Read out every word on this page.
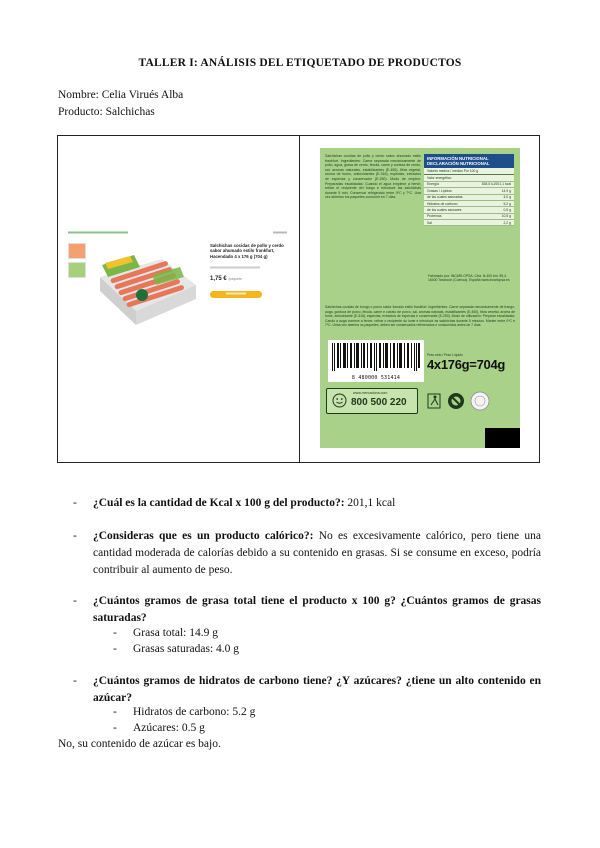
TALLER I: ANÁLISIS DEL ETIQUETADO DE PRODUCTOS
Nombre: Celia Virués Alba
Producto: Salchichas
Salchichas cocidas de pollo y cerdo sabor ahumado estilo frankfurt, Hacendado 4 x 176 g (704 g)
1,75 € /paquete
Salchichas cocidas de pollo y cerdo sabor ahumado estilo frankfurt. Ingredientes: Carne separada mecánicamente de pollo, agua, grasa de cerdo, fécula, carne y corteza de cerdo, sal, aromas naturales, estabilizantes (E-450), fibra vegetal, aroma de humo, antioxidantes (E-316), especias, extractos de especias y conservador (E-250). Modo de empleo: Preparadas escaldadas: Cuando el agua empiece a hervir, retirar el recipiente del fuego e introducir las salchichas durante 5 min. Conservar refrigerado entre 0ºC y 7ºC. Una vez abiertos los paquetes consumir en 7 días.
INFORMACIÓN NUTRICIONAL
DECLARACIÓN NUTRICIONAL
Valores medios / medios Por 100 g
Valor energético
Energía	835,5 kJ/201,1 kcal
Grasas / Lípidos	14,9 g
de las cuales saturadas	4,0 g
Hidratos de carbono	5,2 g
de los cuales azúcares	0,5 g
Proteínas	10,5 g
Sal	2,2 g
Fabricado por: INCARLOPSA. Ctra. N-400 km. 95,4 16400 Tarancón (Cuenca). España www.incarlopsa.es
Salchichas cocidas de trongo o porco sabor fumado estilo frankfurt. Ingredientes: Carne separada mecanicamente de frango, auga, gordura de porco, fécula, carne e coirato de porco, sal, aromas naturais, estabilizantes (E-450), fibra vexetal, aroma de fume, antioxidante (E-316), especias, extractos de especias e conservante (E-250). Modo de utilización: Preparar escaldadas: Cando a auga comece a ferver, retirar o recipiente do lume e introducir as salchichas durante 5 minutos. Manter entre 0ºC e 7ºC. Unha vez abertos os paquetes, deben ser conservados refrixerados e consumidos antes de 7 días.
8 480000 531414
Peso neto / Peso Líquido
4x176g=704g
www.mercadona.com
800 500 220
- ¿Cuál es la cantidad de Kcal x 100 g del producto?: 201,1 kcal
- ¿Consideras que es un producto calórico?: No es excesivamente calórico, pero tiene una cantidad moderada de calorías debido a su contenido en grasas. Si se consume en exceso, podría contribuir al aumento de peso.
- ¿Cuántos gramos de grasa total tiene el producto x 100 g? ¿Cuántos gramos de grasas saturadas?
- Grasa total: 14.9 g
- Grasas saturadas: 4.0 g
- ¿Cuántos gramos de hidratos de carbono tiene? ¿Y azúcares? ¿tiene un alto contenido en azúcar?
- Hidratos de carbono: 5.2 g
- Azúcares: 0.5 g
No, su contenido de azúcar es bajo.
